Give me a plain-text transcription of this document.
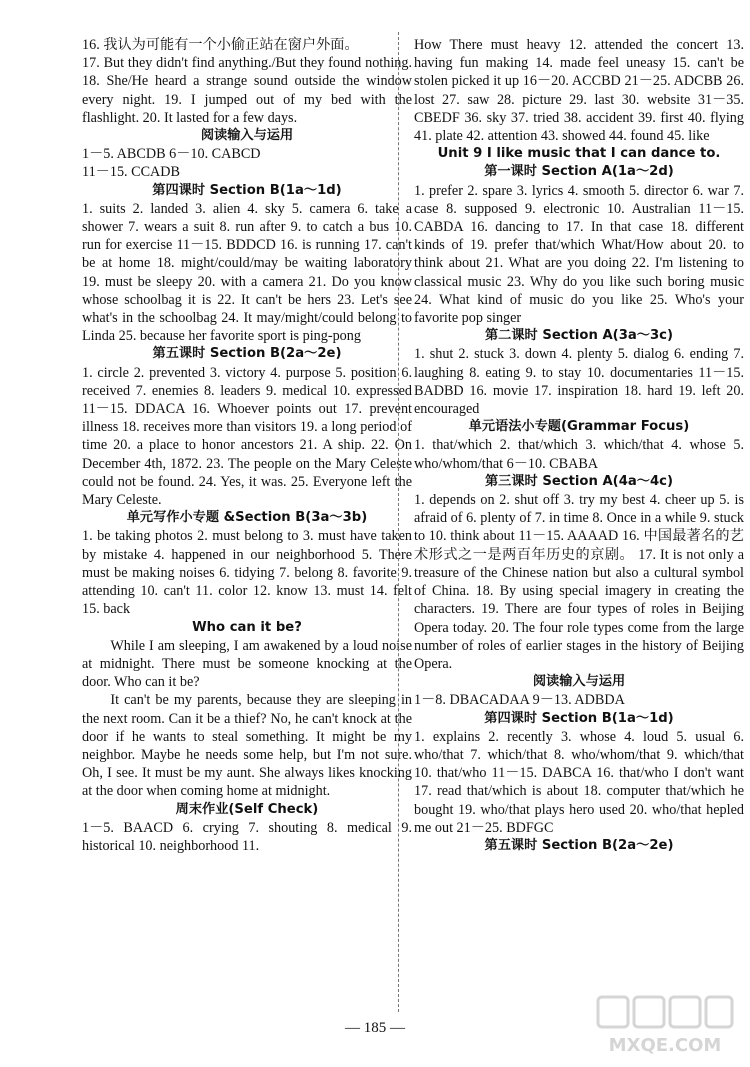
16. 我认为可能有一个小偷正站在窗户外面。
17. But they didn't find anything./But they found nothing. 18. She/He heard a strange sound outside the window every night. 19. I jumped out of my bed with the flashlight. 20. It lasted for a few days.
阅读输入与运用
1－5. ABCDB 6－10. CABCD
11－15. CCADB
第四课时 Section B(1a～1d)
1. suits 2. landed 3. alien 4. sky 5. camera 6. take a shower 7. wears a suit 8. run after 9. to catch a bus 10. run for exercise 11－15. BDDCD 16. is running 17. can't be at home 18. might/could/may be waiting laboratory 19. must be sleepy 20. with a camera 21. Do you know whose schoolbag it is 22. It can't be hers 23. Let's see what's in the schoolbag 24. It may/might/could belong to Linda 25. because her favorite sport is ping-pong
第五课时 Section B(2a～2e)
1. circle 2. prevented 3. victory 4. purpose 5. position 6. received 7. enemies 8. leaders 9. medical 10. expressed 11－15. DDACA 16. Whoever points out 17. prevent illness 18. receives more than visitors 19. a long period of time 20. a place to honor ancestors 21. A ship. 22. On December 4th, 1872. 23. The people on the Mary Celeste could not be found. 24. Yes, it was. 25. Everyone left the Mary Celeste.
单元写作小专题 &Section B(3a～3b)
1. be taking photos 2. must belong to 3. must have taken by mistake 4. happened in our neighborhood 5. There must be making noises 6. tidying 7. belong 8. favorite 9. attending 10. can't 11. color 12. know 13. must 14. felt 15. back
Who can it be?
While I am sleeping, I am awakened by a loud noise at midnight. There must be someone knocking at the door. Who can it be?
It can't be my parents, because they are sleeping in the next room. Can it be a thief? No, he can't knock at the door if he wants to steal something. It might be my neighbor. Maybe he needs some help, but I'm not sure. Oh, I see. It must be my aunt. She always likes knocking at the door when coming home at midnight.
周末作业(Self Check)
1－5. BAACD 6. crying 7. shouting 8. medical 9. historical 10. neighborhood 11.
How There must heavy 12. attended the concert 13. having fun making 14. made feel uneasy 15. can't be stolen picked it up 16－20. ACCBD 21－25. ADCBB 26. lost 27. saw 28. picture 29. last 30. website 31－35. CBEDF 36. sky 37. tried 38. accident 39. first 40. flying 41. plate 42. attention 43. showed 44. found 45. like
Unit 9 I like music that I can dance to.
第一课时 Section A(1a～2d)
1. prefer 2. spare 3. lyrics 4. smooth 5. director 6. war 7. case 8. supposed 9. electronic 10. Australian 11－15. CABDA 16. dancing to 17. In that case 18. different kinds of 19. prefer that/which What/How about 20. to think about 21. What are you doing 22. I'm listening to classical music 23. Why do you like such boring music 24. What kind of music do you like 25. Who's your favorite pop singer
第二课时 Section A(3a～3c)
1. shut 2. stuck 3. down 4. plenty 5. dialog 6. ending 7. laughing 8. eating 9. to stay 10. documentaries 11－15. BADBD 16. movie 17. inspiration 18. hard 19. left 20. encouraged
单元语法小专题(Grammar Focus)
1. that/which 2. that/which 3. which/that 4. whose 5. who/whom/that 6－10. CBABA
第三课时 Section A(4a～4c)
1. depends on 2. shut off 3. try my best 4. cheer up 5. is afraid of 6. plenty of 7. in time 8. Once in a while 9. stuck to 10. think about 11－15. AAAAD 16. 中国最著名的艺术形式之一是两百年历史的京剧。 17. It is not only a treasure of the Chinese nation but also a cultural symbol of China. 18. By using special imagery in creating the characters. 19. There are four types of roles in Beijing Opera today. 20. The four role types come from the large number of roles of earlier stages in the history of Beijing Opera.
阅读输入与运用
1－8. DBACADAA 9－13. ADBDA
第四课时 Section B(1a～1d)
1. explains 2. recently 3. whose 4. loud 5. usual 6. who/that 7. which/that 8. who/whom/that 9. which/that 10. that/who 11－15. DABCA 16. that/who I don't want 17. read that/which is about 18. computer that/which he bought 19. who/that plays hero used 20. who/that hepled me out 21－25. BDFGC
第五课时 Section B(2a～2e)
— 185 —
MXQE.COM
